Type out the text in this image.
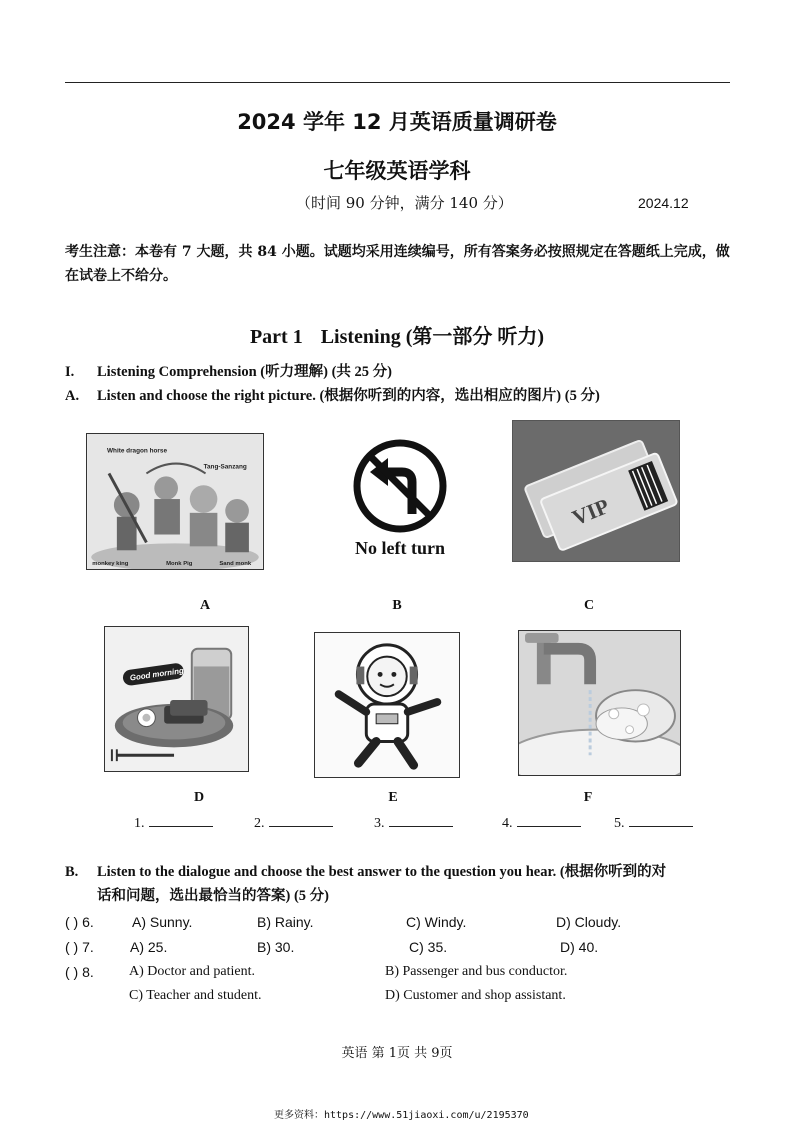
2024 学年 12 月英语质量调研卷
七年级英语学科
（时间 90 分钟，满分 140 分）	2024.12
考生注意：本卷有 7 大题，共 84 小题。试题均采用连续编号，所有答案务必按照规定在答题纸上完成，做在试卷上不给分。
Part 1 Listening (第一部分 听力)
I. Listening Comprehension (听力理解) (共 25 分)
A. Listen and choose the right picture. (根据你听到的内容，选出相应的图片) (5 分)
White dragon horse
Tang-Sanzang
monkey king	Monk Pig	Sand monk
No left turn
VIP
A	B	C
Good morning
D	E	F
1.	2.	3.	4.	5.
B. Listen to the dialogue and choose the best answer to the question you hear. (根据你听到的对
话和问题，选出最恰当的答案) (5 分)
( ) 6.	A) Sunny.	B) Rainy.	C) Windy.	D) Cloudy.
( ) 7.	A) 25.	B) 30.	C) 35.	D) 40.
( ) 8.	A) Doctor and patient.	B) Passenger and bus conductor.
C) Teacher and student.	D) Customer and shop assistant.
英语 第 1页 共 9页
更多资料：https://www.51jiaoxi.com/u/2195370
